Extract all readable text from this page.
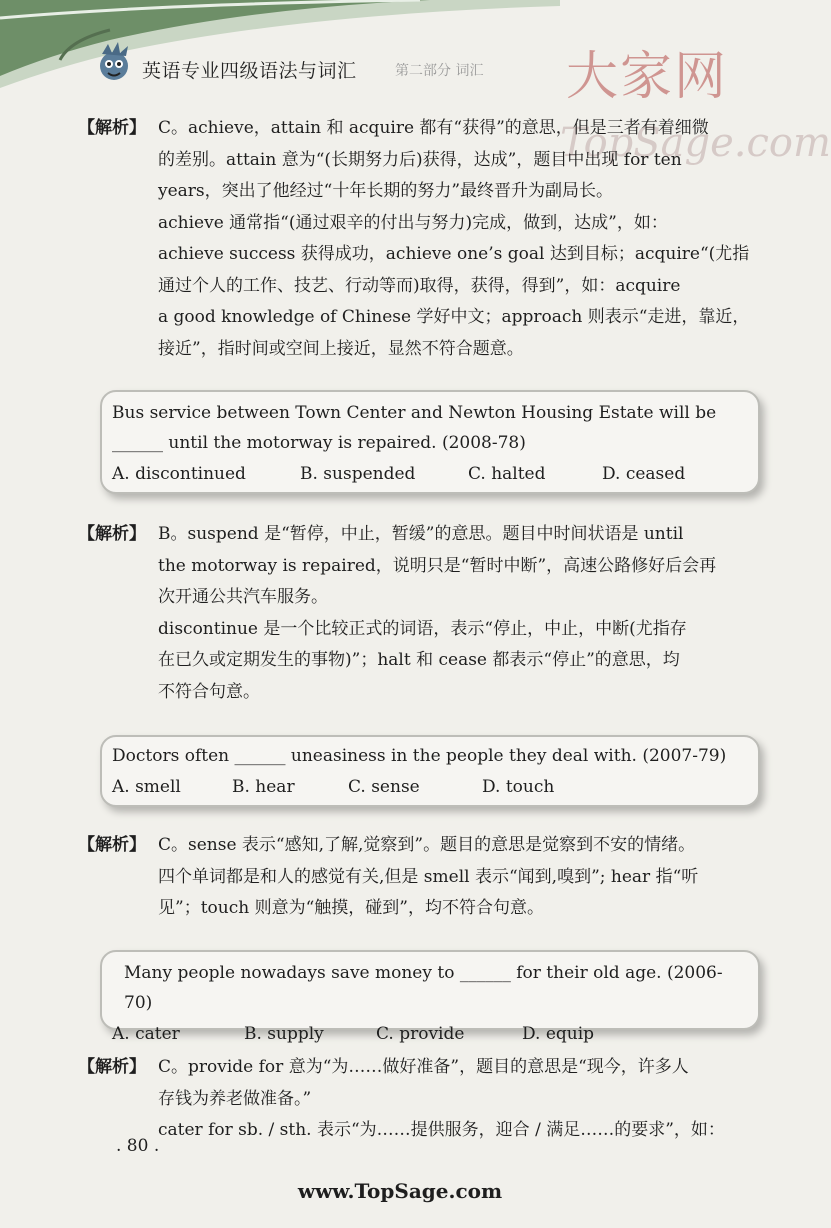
英语专业四级语法与词汇	第二部分 词汇 大家网
TopSage.com
【解析】 C。achieve，attain 和 acquire 都有“获得”的意思，但是三者有着细微

的差别。attain 意为“(长期努力后)获得，达成”，题目中出现 for ten

years，突出了他经过“十年长期的努力”最终晋升为副局长。

achieve 通常指“(通过艰辛的付出与努力)完成，做到，达成”，如：

achieve success 获得成功，achieve one’s goal 达到目标；acquire“(尤指

通过个人的工作、技艺、行动等而)取得，获得，得到”，如：acquire

a good knowledge of Chinese 学好中文；approach 则表示“走进，靠近，

接近”，指时间或空间上接近，显然不符合题意。

Bus service between Town Center and Newton Housing Estate will be

______ until the motorway is repaired. (2008-78)

A. discontinued	B. suspended	C. halted	D. ceased
【解析】 B。suspend 是“暂停，中止，暂缓”的意思。题目中时间状语是 until

the motorway is repaired，说明只是“暂时中断”，高速公路修好后会再

次开通公共汽车服务。

discontinue 是一个比较正式的词语，表示“停止，中止，中断(尤指存

在已久或定期发生的事物)”；halt 和 cease 都表示“停止”的意思，均

不符合句意。

Doctors often ______ uneasiness in the people they deal with. (2007-79)

A. smell	B. hear	C. sense	D. touch
【解析】 C。sense 表示“感知,了解,觉察到”。题目的意思是觉察到不安的情绪。

四个单词都是和人的感觉有关,但是 smell 表示“闻到,嗅到”; hear 指“听

见”；touch 则意为“触摸，碰到”，均不符合句意。

Many people nowadays save money to ______ for their old age. (2006-70)

A. cater	B. supply	C. provide	D. equip
【解析】 C。provide for 意为“为……做好准备”，题目的意思是“现今，许多人

存钱为养老做准备。”

cater for sb. / sth. 表示“为……提供服务，迎合 / 满足……的要求”，如：

. 80 .
www.TopSage.com
